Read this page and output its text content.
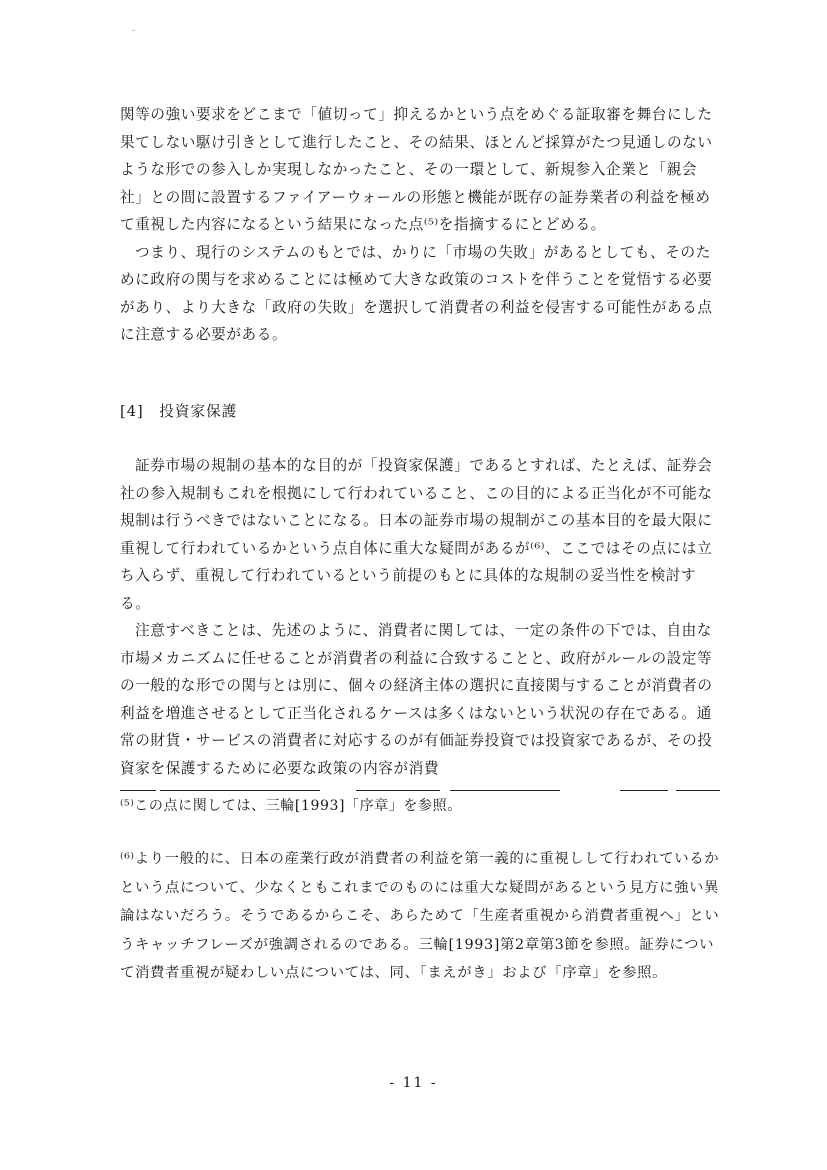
-

関等の強い要求をどこまで「値切って」抑えるかという点をめぐる証取審を舞台にした果てしない駆け引きとして進行したこと、その結果、ほとんど採算がたつ見通しのないような形での参入しか実現しなかったこと、その一環として、新規参入企業と「親会社」との間に設置するファイアーウォールの形態と機能が既存の証券業者の利益を極めて重視した内容になるという結果になった点⁽⁵⁾を指摘するにとどめる。

つまり、現行のシステムのもとでは、かりに「市場の失敗」があるとしても、そのために政府の関与を求めることには極めて大きな政策のコストを伴うことを覚悟する必要があり、より大きな「政府の失敗」を選択して消費者の利益を侵害する可能性がある点に注意する必要がある。

[4]　投資家保護

証券市場の規制の基本的な目的が「投資家保護」であるとすれば、たとえば、証券会社の参入規制もこれを根拠にして行われていること、この目的による正当化が不可能な規制は行うべきではないことになる。日本の証券市場の規制がこの基本目的を最大限に重視して行われているかという点自体に重大な疑問があるが⁽⁶⁾、ここではその点には立ち入らず、重視して行われているという前提のもとに具体的な規制の妥当性を検討する。

注意すべきことは、先述のように、消費者に関しては、一定の条件の下では、自由な市場メカニズムに任せることが消費者の利益に合致することと、政府がルールの設定等の一般的な形での関与とは別に、個々の経済主体の選択に直接関与することが消費者の利益を増進させるとして正当化されるケースは多くはないという状況の存在である。通常の財貨・サービスの消費者に対応するのが有価証券投資では投資家であるが、その投資家を保護するために必要な政策の内容が消費

⁽⁵⁾この点に関しては、三輪[1993]「序章」を参照。
⁽⁶⁾より一般的に、日本の産業行政が消費者の利益を第一義的に重視しして行われているかという点について、少なくともこれまでのものには重大な疑問があるという見方に強い異論はないだろう。そうであるからこそ、あらためて「生産者重視から消費者重視へ」というキャッチフレーズが強調されるのである。三輪[1993]第2章第3節を参照。証券について消費者重視が疑わしい点については、同、「まえがき」および「序章」を参照。
- 11 -
